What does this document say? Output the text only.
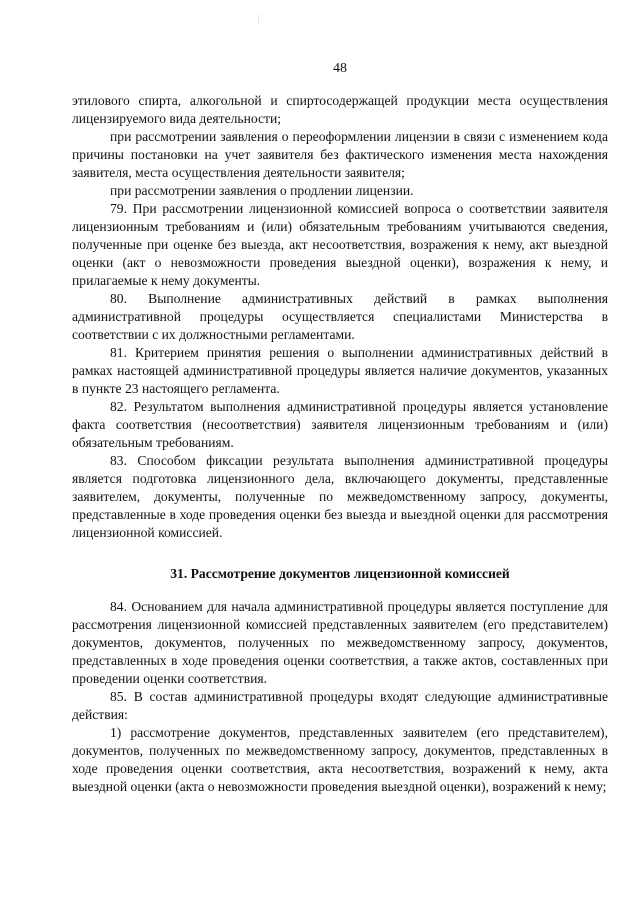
48

этилового спирта, алкогольной и спиртосодержащей продукции места осуществления лицензируемого вида деятельности;

при рассмотрении заявления о переоформлении лицензии в связи с изменением кода причины постановки на учет заявителя без фактического изменения места нахождения заявителя, места осуществления деятельности заявителя;

при рассмотрении заявления о продлении лицензии.

79. При рассмотрении лицензионной комиссией вопроса о соответствии заявителя лицензионным требованиям и (или) обязательным требованиям учитываются сведения, полученные при оценке без выезда, акт несоответствия, возражения к нему, акт выездной оценки (акт о невозможности проведения выездной оценки), возражения к нему, и прилагаемые к нему документы.

80. Выполнение административных действий в рамках выполнения административной процедуры осуществляется специалистами Министерства в соответствии с их должностными регламентами.

81. Критерием принятия решения о выполнении административных действий в рамках настоящей административной процедуры является наличие документов, указанных в пункте 23 настоящего регламента.

82. Результатом выполнения административной процедуры является установление факта соответствия (несоответствия) заявителя лицензионным требованиям и (или) обязательным требованиям.

83. Способом фиксации результата выполнения административной процедуры является подготовка лицензионного дела, включающего документы, представленные заявителем, документы, полученные по межведомственному запросу, документы, представленные в ходе проведения оценки без выезда и выездной оценки для рассмотрения лицензионной комиссией.

31. Рассмотрение документов лицензионной комиссией

84. Основанием для начала административной процедуры является поступление для рассмотрения лицензионной комиссией представленных заявителем (его представителем) документов, документов, полученных по межведомственному запросу, документов, представленных в ходе проведения оценки соответствия, а также актов, составленных при проведении оценки соответствия.

85. В состав административной процедуры входят следующие административные действия:

1) рассмотрение документов, представленных заявителем (его представителем), документов, полученных по межведомственному запросу, документов, представленных в ходе проведения оценки соответствия, акта несоответствия, возражений к нему, акта выездной оценки (акта о невозможности проведения выездной оценки), возражений к нему;
